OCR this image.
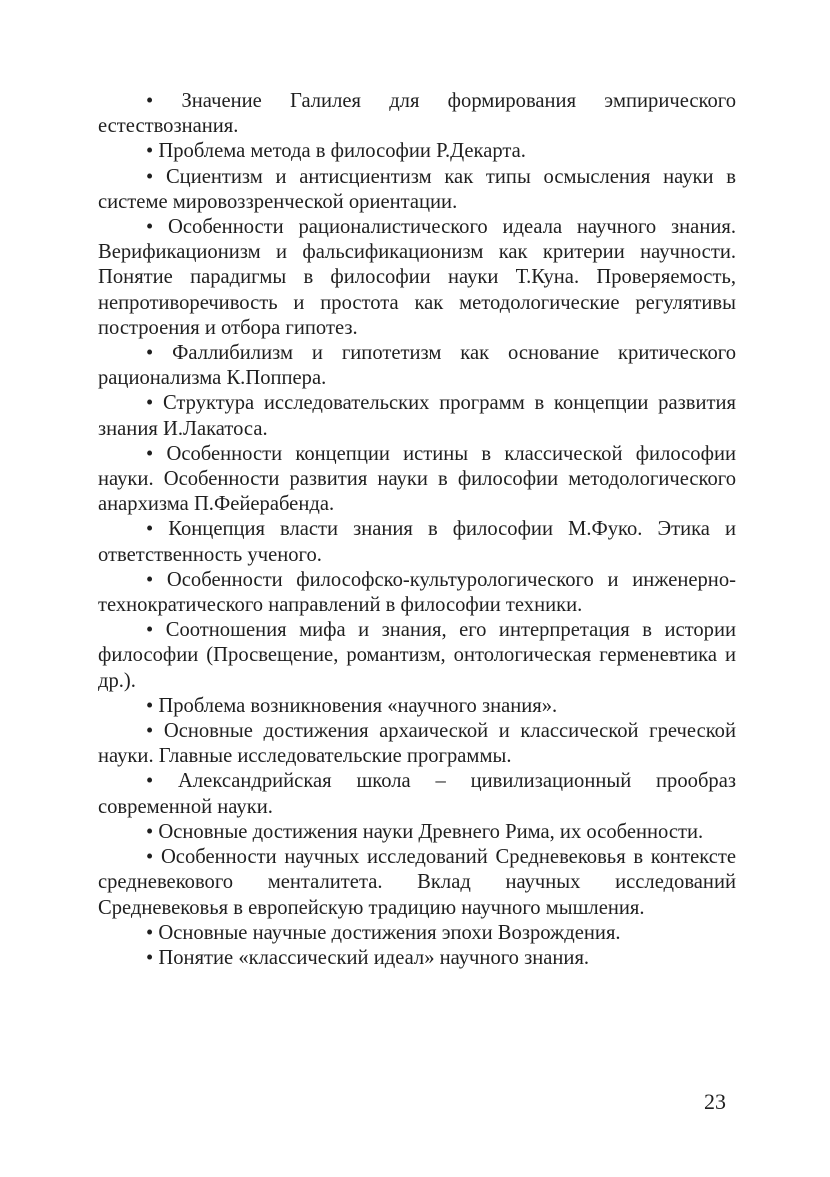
• Значение Галилея для формирования эмпирического естествознания.

• Проблема метода в философии Р.Декарта.

• Сциентизм и антисциентизм как типы осмысления науки в системе мировоззренческой ориентации.

• Особенности рационалистического идеала научного знания. Верификационизм и фальсификационизм как критерии научности. Понятие парадигмы в философии науки Т.Куна. Проверяемость, непротиворечивость и простота как методологические регулятивы построения и отбора гипотез.

• Фаллибилизм и гипотетизм как основание критического рационализма К.Поппера.

• Структура исследовательских программ в концепции развития знания И.Лакатоса.

• Особенности концепции истины в классической философии науки. Особенности развития науки в философии методологического анархизма П.Фейерабенда.

• Концепция власти знания в философии М.Фуко. Этика и ответственность ученого.

• Особенности философско-культурологического и инженерно-технократического направлений в философии техники.

• Соотношения мифа и знания, его интерпретация в истории философии (Просвещение, романтизм, онтологическая герменевтика и др.).

• Проблема возникновения «научного знания».

• Основные достижения архаической и классической греческой науки. Главные исследовательские программы.

• Александрийская школа – цивилизационный прообраз современной науки.

• Основные достижения науки Древнего Рима, их особенности.

• Особенности научных исследований Средневековья в контексте средневекового менталитета. Вклад научных исследований Средневековья в европейскую традицию научного мышления.

• Основные научные достижения эпохи Возрождения.

• Понятие «классический идеал» научного знания.

23
